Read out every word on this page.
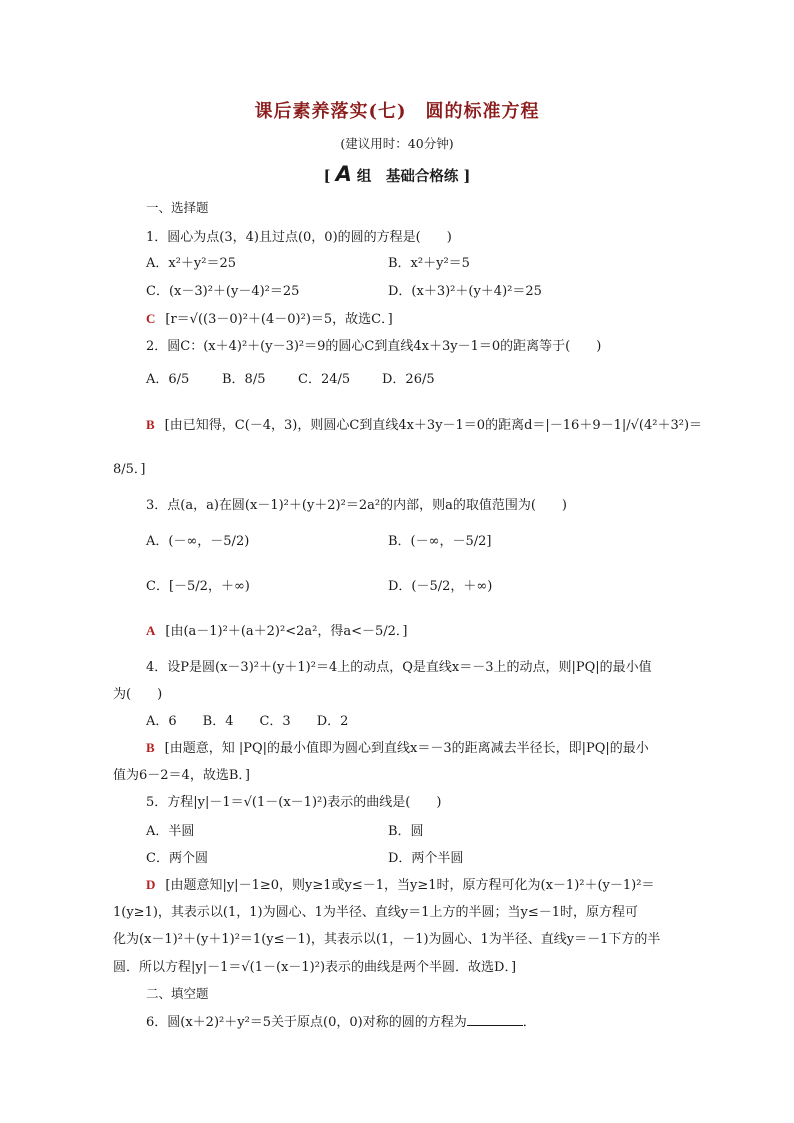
课后素养落实(七)　圆的标准方程
(建议用时：40分钟)
[ A 组　基础合格练 ]
一、选择题
1．圆心为点(3，4)且过点(0，0)的圆的方程是(　　)
A．x²＋y²＝25	B．x²＋y²＝5
C．(x－3)²＋(y－4)²＝25	D．(x＋3)²＋(y＋4)²＝25
C [r＝√((3－0)²＋(4－0)²)＝5，故选C．]
2．圆C：(x＋4)²＋(y－3)²＝9的圆心C到直线4x＋3y－1＝0的距离等于(　　)
A．6/5	B．8/5	C．24/5 D．26/5
B [由已知得，C(－4，3)，则圆心C到直线4x＋3y－1＝0的距离d＝|－16＋9－1|/√(4²＋3²)＝
8/5．]
3．点(a，a)在圆(x－1)²＋(y＋2)²＝2a²的内部，则a的取值范围为(　　)
A．(－∞，－5/2)	B．(－∞，－5/2]
C．[－5/2，＋∞)	D．(－5/2，＋∞)
A [由(a－1)²＋(a＋2)²<2a²，得a<－5/2．]
4．设P是圆(x－3)²＋(y＋1)²＝4上的动点，Q是直线x＝－3上的动点，则|PQ|的最小值
为(　　)
A．6　　B．4　　C．3　　D．2
B [由题意，知 |PQ|的最小值即为圆心到直线x＝－3的距离减去半径长，即|PQ|的最小
值为6－2＝4，故选B．]
5．方程|y|－1＝√(1－(x－1)²)表示的曲线是(　　)
A．半圆	B．圆
C．两个圆	D．两个半圆
D [由题意知|y|－1≥0，则y≥1或y≤－1，当y≥1时，原方程可化为(x－1)²＋(y－1)²＝
1(y≥1)，其表示以(1，1)为圆心、1为半径、直线y＝1上方的半圆；当y≤－1时，原方程可
化为(x－1)²＋(y＋1)²＝1(y≤－1)，其表示以(1，－1)为圆心、1为半径、直线y＝－1下方的半
圆．所以方程|y|－1＝√(1－(x－1)²)表示的曲线是两个半圆．故选D．]
二、填空题
6．圆(x＋2)²＋y²＝5关于原点(0，0)对称的圆的方程为	．
